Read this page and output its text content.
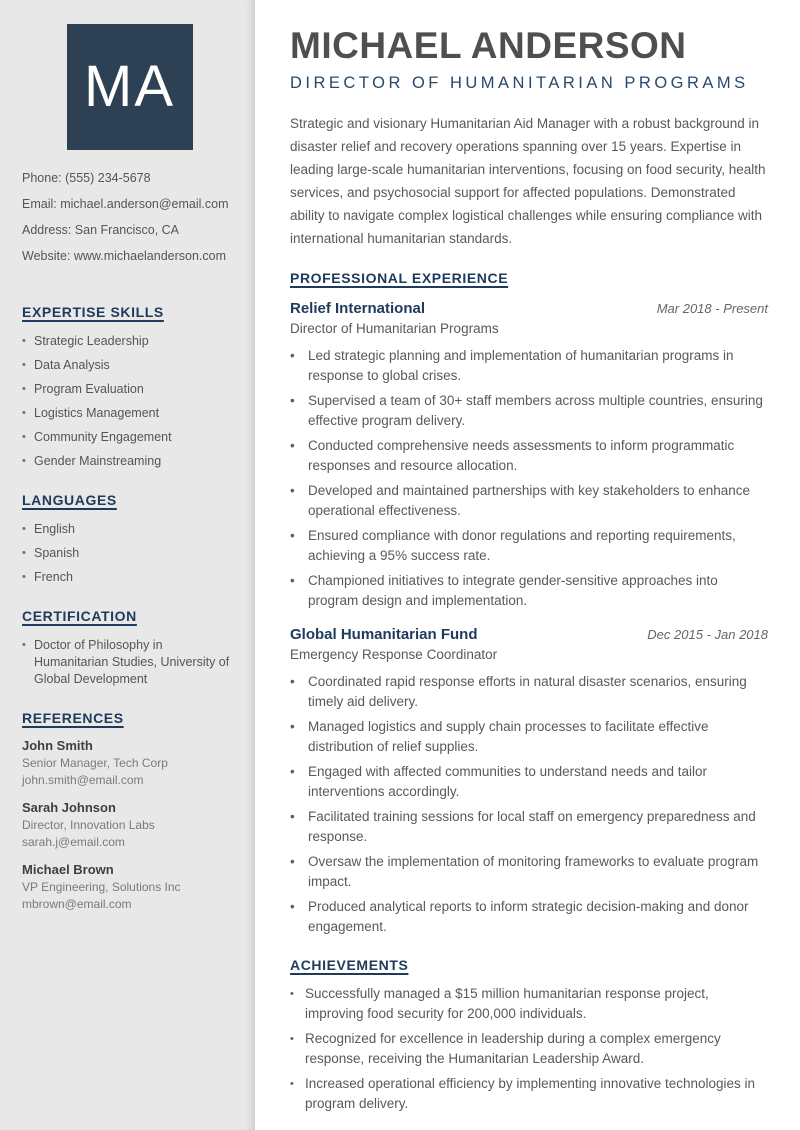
MA

Phone: (555) 234-5678

Email: michael.anderson@email.com

Address: San Francisco, CA

Website: www.michaelanderson.com

EXPERTISE SKILLS
• Strategic Leadership
• Data Analysis
• Program Evaluation
• Logistics Management
• Community Engagement
• Gender Mainstreaming
LANGUAGES
• English
• Spanish
• French
CERTIFICATION
• Doctor of Philosophy in Humanitarian Studies, University of Global Development
REFERENCES

John Smith

Senior Manager, Tech Corp

john.smith@email.com

Sarah Johnson

Director, Innovation Labs

sarah.j@email.com

Michael Brown

VP Engineering, Solutions Inc

mbrown@email.com

MICHAEL ANDERSON
DIRECTOR OF HUMANITARIAN PROGRAMS

Strategic and visionary Humanitarian Aid Manager with a robust background in disaster relief and recovery operations spanning over 15 years. Expertise in leading large-scale humanitarian interventions, focusing on food security, health services, and psychosocial support for affected populations. Demonstrated ability to navigate complex logistical challenges while ensuring compliance with international humanitarian standards.

PROFESSIONAL EXPERIENCE
Relief International	Mar 2018 - Present
Director of Humanitarian Programs
• Led strategic planning and implementation of humanitarian programs in response to global crises.
• Supervised a team of 30+ staff members across multiple countries, ensuring effective program delivery.
• Conducted comprehensive needs assessments to inform programmatic responses and resource allocation.
• Developed and maintained partnerships with key stakeholders to enhance operational effectiveness.
• Ensured compliance with donor regulations and reporting requirements, achieving a 95% success rate.
• Championed initiatives to integrate gender-sensitive approaches into program design and implementation.
Global Humanitarian Fund	Dec 2015 - Jan 2018
Emergency Response Coordinator
• Coordinated rapid response efforts in natural disaster scenarios, ensuring timely aid delivery.
• Managed logistics and supply chain processes to facilitate effective distribution of relief supplies.
• Engaged with affected communities to understand needs and tailor interventions accordingly.
• Facilitated training sessions for local staff on emergency preparedness and response.
• Oversaw the implementation of monitoring frameworks to evaluate program impact.
• Produced analytical reports to inform strategic decision-making and donor engagement.
ACHIEVEMENTS
• Successfully managed a $15 million humanitarian response project, improving food security for 200,000 individuals.
• Recognized for excellence in leadership during a complex emergency response, receiving the Humanitarian Leadership Award.
• Increased operational efficiency by implementing innovative technologies in program delivery.
